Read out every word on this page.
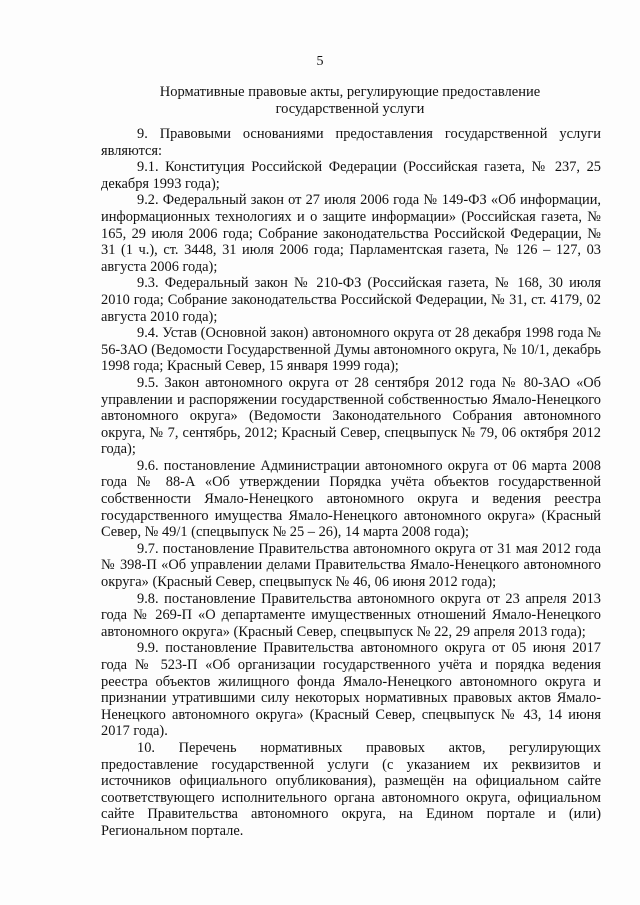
5
Нормативные правовые акты, регулирующие предоставление
государственной услуги

9. Правовыми основаниями предоставления государственной услуги являются:

9.1. Конституция Российской Федерации (Российская газета, № 237, 25 декабря 1993 года);

9.2. Федеральный закон от 27 июля 2006 года № 149-ФЗ «Об информации, информационных технологиях и о защите информации» (Российская газета, № 165, 29 июля 2006 года; Собрание законодательства Российской Федерации, № 31 (1 ч.), ст. 3448, 31 июля 2006 года; Парламентская газета, № 126 – 127, 03 августа 2006 года);

9.3. Федеральный закон № 210-ФЗ (Российская газета, № 168, 30 июля 2010 года; Собрание законодательства Российской Федерации, № 31, ст. 4179, 02 августа 2010 года);

9.4. Устав (Основной закон) автономного округа от 28 декабря 1998 года № 56-ЗАО (Ведомости Государственной Думы автономного округа, № 10/1, декабрь 1998 года; Красный Север, 15 января 1999 года);

9.5. Закон автономного округа от 28 сентября 2012 года № 80-ЗАО «Об управлении и распоряжении государственной собственностью Ямало-Ненецкого автономного округа» (Ведомости Законодательного Собрания автономного округа, № 7, сентябрь, 2012; Красный Север, спецвыпуск № 79, 06 октября 2012 года);

9.6. постановление Администрации автономного округа от 06 марта 2008 года № 88-А «Об утверждении Порядка учёта объектов государственной собственности Ямало-Ненецкого автономного округа и ведения реестра государственного имущества Ямало-Ненецкого автономного округа» (Красный Север, № 49/1 (спецвыпуск № 25 – 26), 14 марта 2008 года);

9.7. постановление Правительства автономного округа от 31 мая 2012 года № 398-П «Об управлении делами Правительства Ямало-Ненецкого автономного округа» (Красный Север, спецвыпуск № 46, 06 июня 2012 года);

9.8. постановление Правительства автономного округа от 23 апреля 2013 года № 269-П «О департаменте имущественных отношений Ямало-Ненецкого автономного округа» (Красный Север, спецвыпуск № 22, 29 апреля 2013 года);

9.9. постановление Правительства автономного округа от 05 июня 2017 года № 523-П «Об организации государственного учёта и порядка ведения реестра объектов жилищного фонда Ямало-Ненецкого автономного округа и признании утратившими силу некоторых нормативных правовых актов Ямало-Ненецкого автономного округа» (Красный Север, спецвыпуск № 43, 14 июня 2017 года).

10. Перечень нормативных правовых актов, регулирующих предоставление государственной услуги (с указанием их реквизитов и источников официального опубликования), размещён на официальном сайте соответствующего исполнительного органа автономного округа, официальном сайте Правительства автономного округа, на Едином портале и (или) Региональном портале.
